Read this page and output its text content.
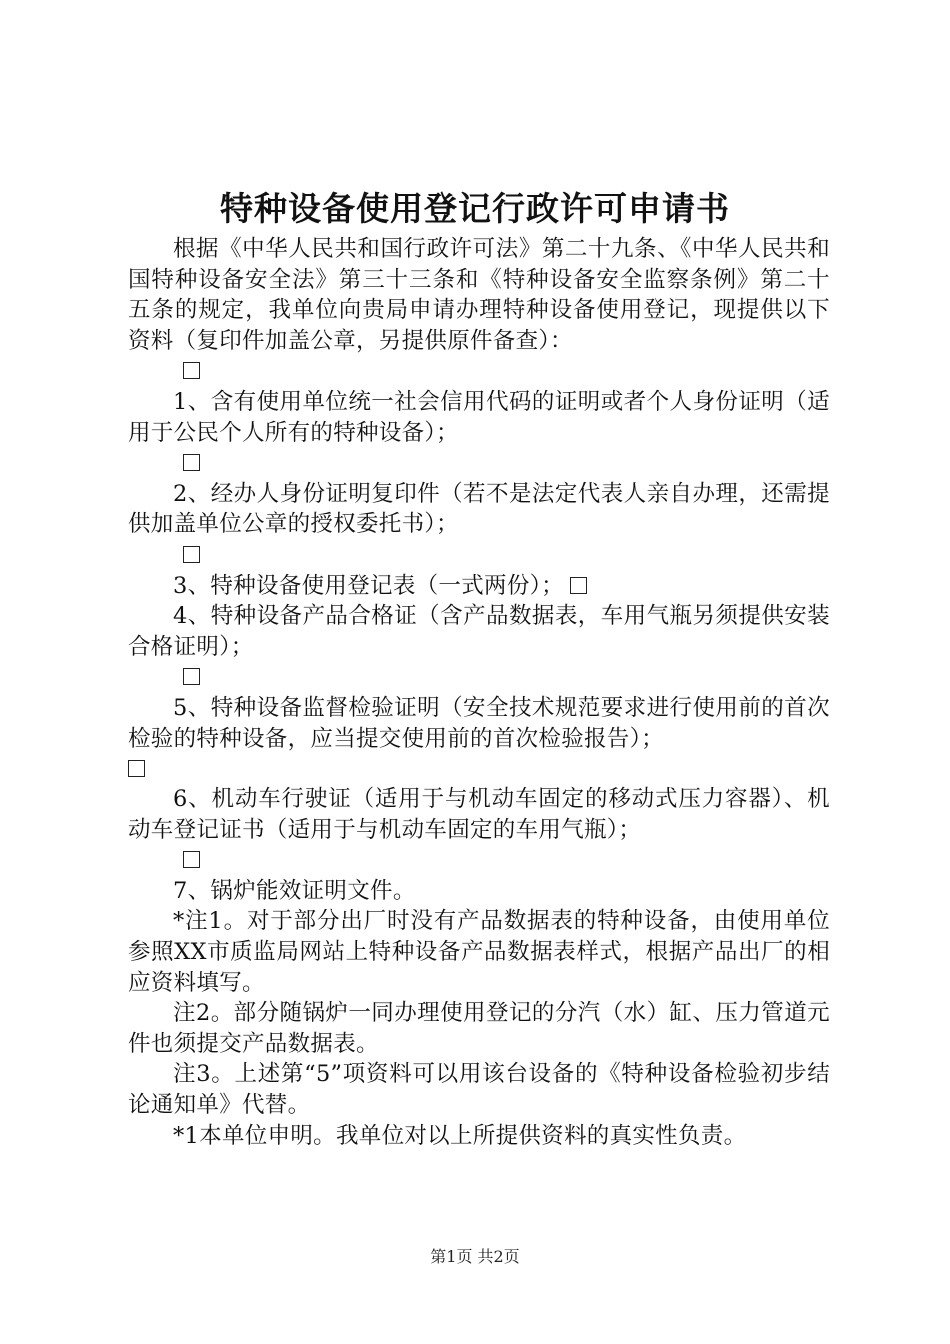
特种设备使用登记行政许可申请书

根据《中华人民共和国行政许可法》第二十九条、《中华人民共和国特种设备安全法》第三十三条和《特种设备安全监察条例》第二十五条的规定，我单位向贵局申请办理特种设备使用登记，现提供以下资料（复印件加盖公章，另提供原件备查）：

1、含有使用单位统一社会信用代码的证明或者个人身份证明（适用于公民个人所有的特种设备）；

2、经办人身份证明复印件（若不是法定代表人亲自办理，还需提供加盖单位公章的授权委托书）；

3、特种设备使用登记表（一式两份）；

4、特种设备产品合格证（含产品数据表，车用气瓶另须提供安装合格证明）；

5、特种设备监督检验证明（安全技术规范要求进行使用前的首次检验的特种设备，应当提交使用前的首次检验报告）；

6、机动车行驶证（适用于与机动车固定的移动式压力容器）、机动车登记证书（适用于与机动车固定的车用气瓶）；

7、锅炉能效证明文件。

*注1。对于部分出厂时没有产品数据表的特种设备，由使用单位参照XX市质监局网站上特种设备产品数据表样式，根据产品出厂的相应资料填写。

注2。部分随锅炉一同办理使用登记的分汽（水）缸、压力管道元件也须提交产品数据表。

注3。上述第“5”项资料可以用该台设备的《特种设备检验初步结论通知单》代替。

*1本单位申明。我单位对以上所提供资料的真实性负责。

第1页 共2页
